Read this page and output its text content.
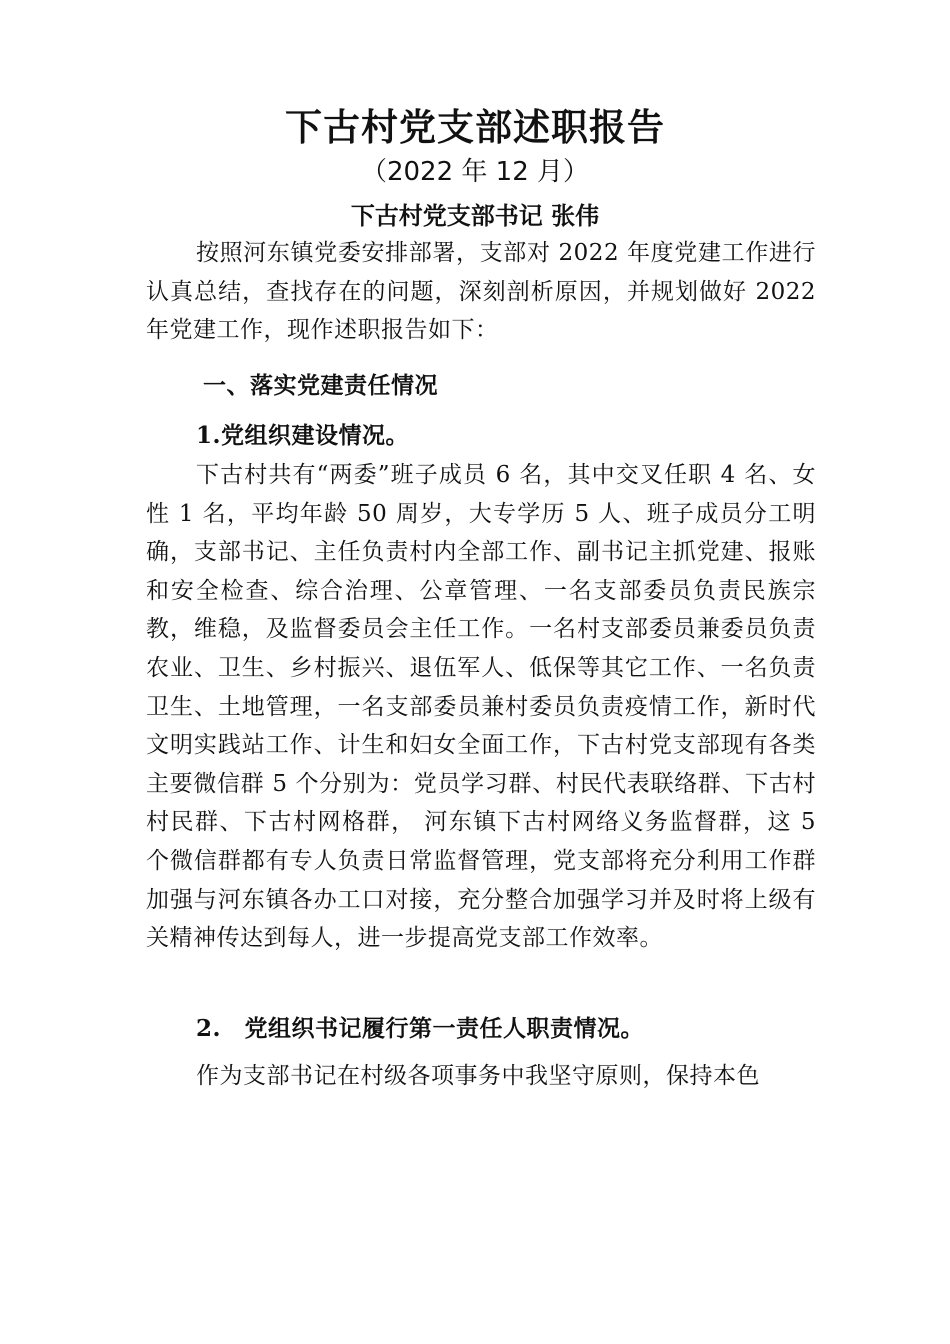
下古村党支部述职报告
（2022 年 12 月）
下古村党支部书记 张伟
按照河东镇党委安排部署，支部对 2022 年度党建工作进行认真总结，查找存在的问题，深刻剖析原因，并规划做好 2022 年党建工作，现作述职报告如下：
一、落实党建责任情况
1.党组织建设情况。
下古村共有“两委”班子成员 6 名，其中交叉任职 4 名、女性 1 名，平均年龄 50 周岁，大专学历 5 人、班子成员分工明确，支部书记、主任负责村内全部工作、副书记主抓党建、报账和安全检查、综合治理、公章管理、一名支部委员负责民族宗教，维稳，及监督委员会主任工作。一名村支部委员兼委员负责农业、卫生、乡村振兴、退伍军人、低保等其它工作、一名负责卫生、土地管理，一名支部委员兼村委员负责疫情工作，新时代文明实践站工作、计生和妇女全面工作，下古村党支部现有各类主要微信群 5 个分别为：党员学习群、村民代表联络群、下古村村民群、下古村网格群， 河东镇下古村网络义务监督群，这 5 个微信群都有专人负责日常监督管理，党支部将充分利用工作群加强与河东镇各办工口对接，充分整合加强学习并及时将上级有关精神传达到每人，进一步提高党支部工作效率。
2.　党组织书记履行第一责任人职责情况。
作为支部书记在村级各项事务中我坚守原则，保持本色
